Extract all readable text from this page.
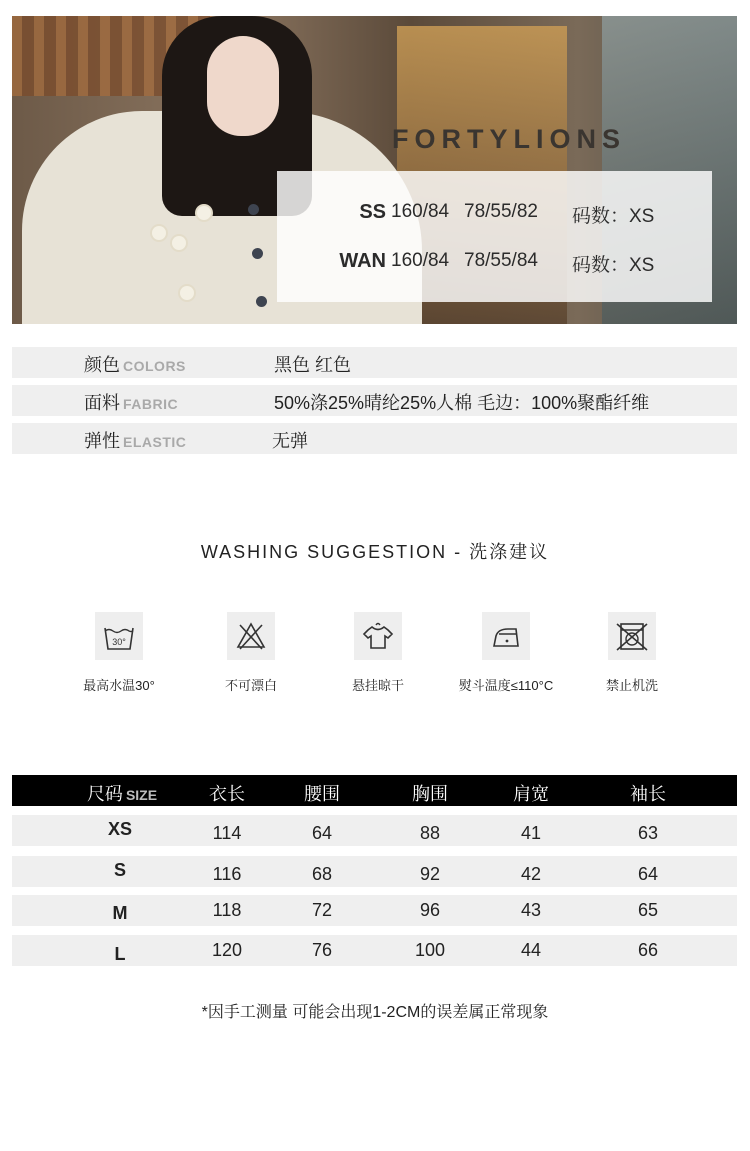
FORTYLIONS
SS 160/84 78/55/82 码数：XS
WAN 160/84 78/55/84 码数：XS
颜色 COLORS	黑色 红色
面料 FABRIC	50%涤25%晴纶25%人棉 毛边：100%聚酯纤维
弹性 ELASTIC	无弹
WASHING SUGGESTION - 洗涤建议
30°
最高水温30°	不可漂白	悬挂晾干	熨斗温度≤110°C	禁止机洗
尺码 SIZE	衣长	腰围	胸围	肩宽	袖长
XS	114	64	88	41	63
S	116	68	92	42	64
M	118	72	96	43	65
L	120	76	100	44	66
*因手工测量 可能会出现1-2CM的误差属正常现象
